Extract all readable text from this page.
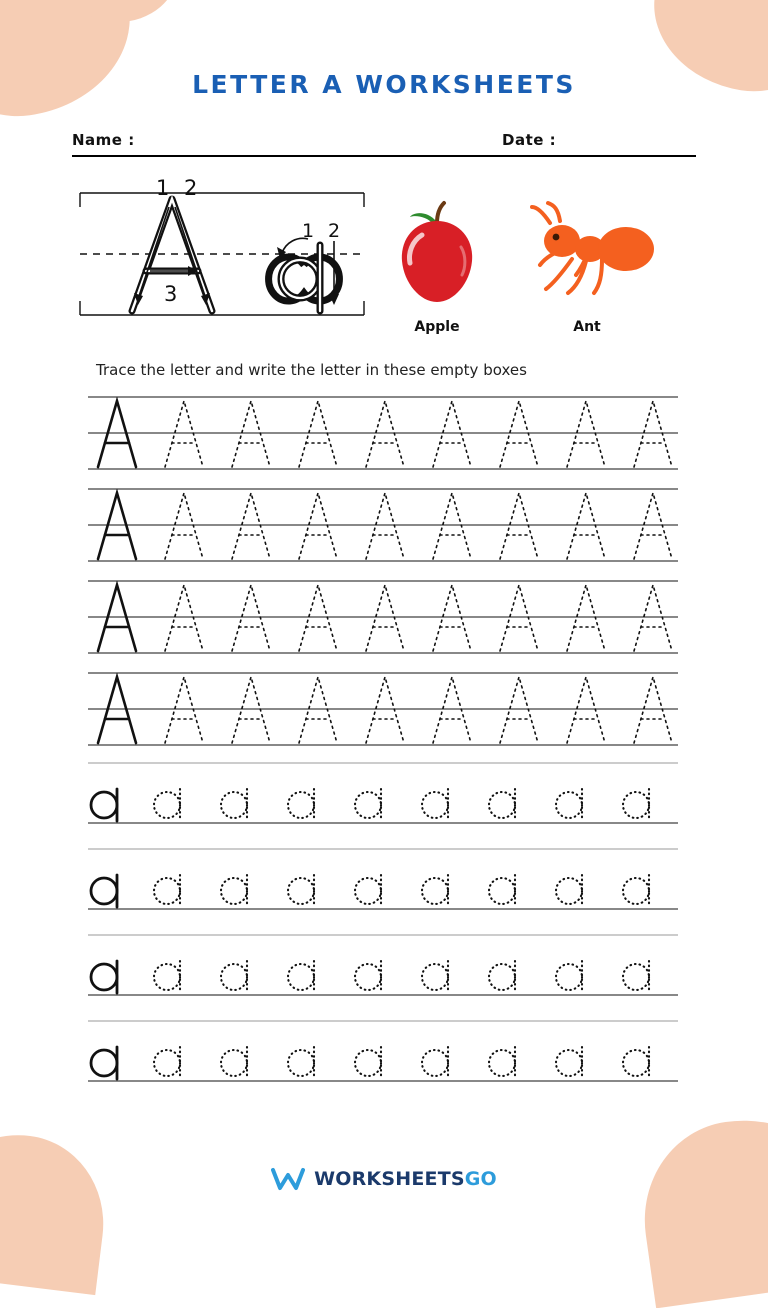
LETTER A WORKSHEETS
Name :	Date :
1 2
3
1 2
Apple	Ant
Trace the letter and write the letter in these empty boxes
WORKSHEETSGO
